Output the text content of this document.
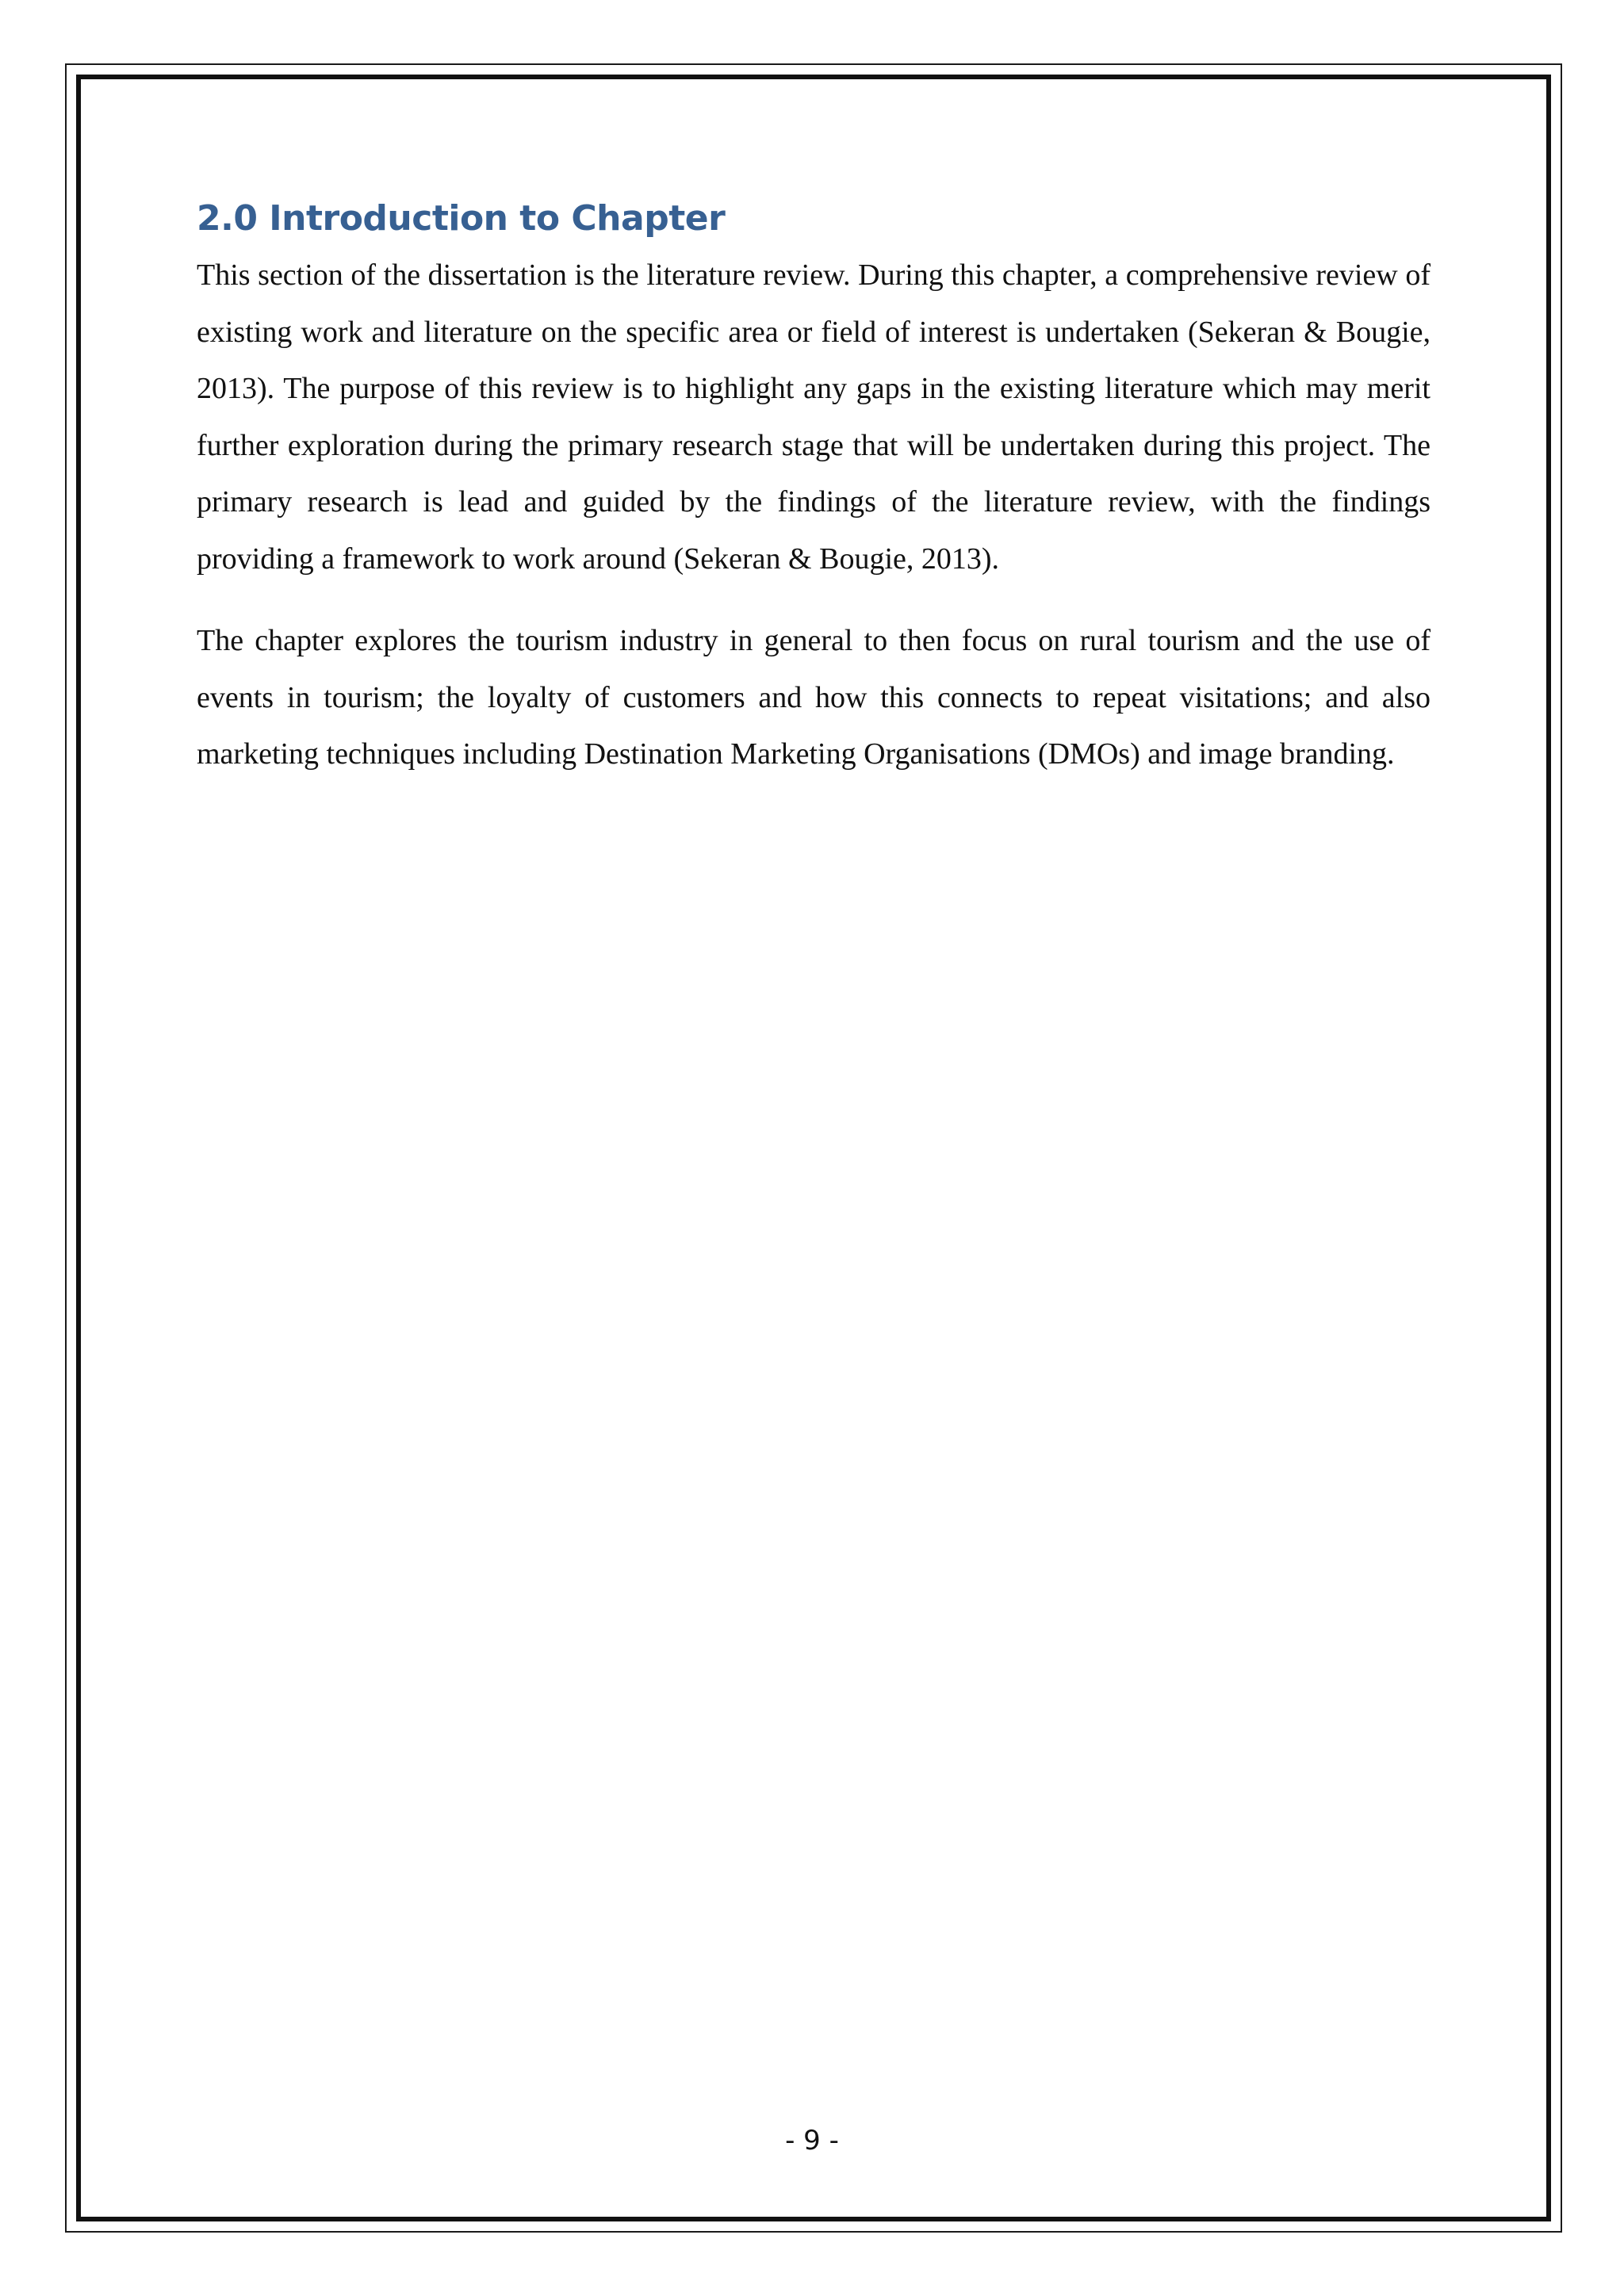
2.0 Introduction to Chapter

This section of the dissertation is the literature review. During this chapter, a comprehensive review of existing work and literature on the specific area or field of interest is undertaken (Sekeran & Bougie, 2013). The purpose of this review is to highlight any gaps in the existing literature which may merit further exploration during the primary research stage that will be undertaken during this project. The primary research is lead and guided by the findings of the literature review, with the findings providing a framework to work around (Sekeran & Bougie, 2013).

The chapter explores the tourism industry in general to then focus on rural tourism and the use of events in tourism; the loyalty of customers and how this connects to repeat visitations; and also marketing techniques including Destination Marketing Organisations (DMOs) and image branding.

- 9 -
